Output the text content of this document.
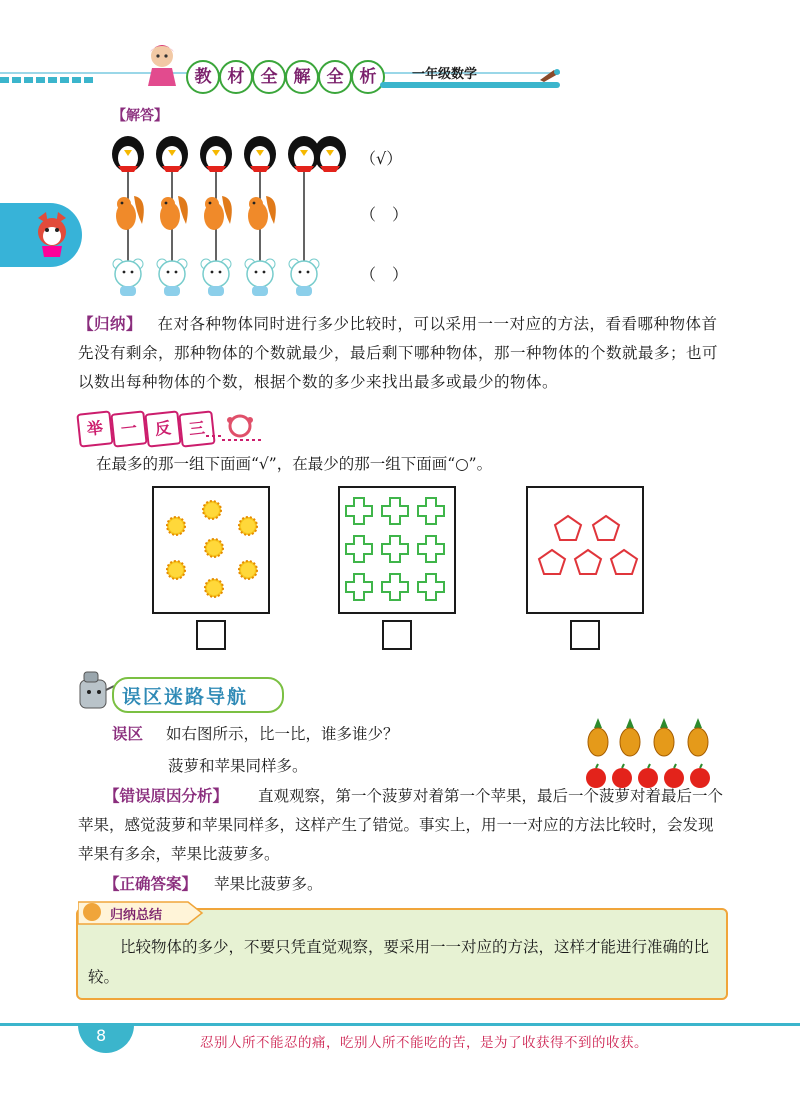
教 材 全 解 全 析	一年级数学
【解答】
（√）
（　）
（　）
【归纳】 在对各种物体同时进行多少比较时，可以采用一一对应的方法，看看哪种物体首先没有剩余，那种物体的个数就最少，最后剩下哪种物体，那一种物体的个数就最多；也可以数出每种物体的个数，根据个数的多少来找出最多或最少的物体。
举	一	反	三
在最多的那一组下面画“√”，在最少的那一组下面画“○”。
误区迷路导航
误区 如右图所示，比一比，谁多谁少？
菠萝和苹果同样多。
【错误原因分析】	直观观察，第一个菠萝对着第一个苹果，最后一个菠萝对着最后一个苹果，感觉菠萝和苹果同样多，这样产生了错觉。事实上，用一一对应的方法比较时，会发现苹果有多余，苹果比菠萝多。
【正确答案】 苹果比菠萝多。
归纳总结
比较物体的多少，不要只凭直觉观察，要采用一一对应的方法，这样才能进行准确的比较。
8	忍别人所不能忍的痛，吃别人所不能吃的苦，是为了收获得不到的收获。
